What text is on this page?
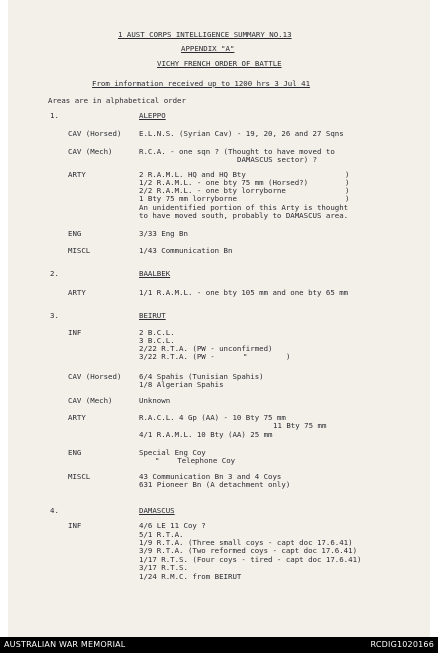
1 AUST CORPS INTELLIGENCE SUMMARY NO.13
APPENDIX "A"
VICHY FRENCH ORDER OF BATTLE
From information received up to 1200 hrs 3 Jul 41
Areas are in alphabetical order
1.	ALEPPO
CAV (Horsed) E.L.N.S. (Syrian Cav) - 19, 20, 26 and 27 Sqns
CAV (Mech)	R.C.A. - one sqn ? (Thought to have moved to
DAMASCUS sector) ?
ARTY	2 R.A.M.L. HQ and HQ Bty
1/2 R.A.M.L. - one bty 75 mm (Horsed?)
2/2 R.A.M.L. - one bty lorryborne
1 Bty 75 mm lorryborne
An unidentified portion of this Arty is thought
to have moved south, probably to DAMASCUS area.
)
)
)
)
ENG	3/33 Eng Bn
MISCL	1/43 Communication Bn
2.	BAALBEK
ARTY	1/1 R.A.M.L. - one bty 105 mm and one bty 65 mm
3.	BEIRUT
INF	2 B.C.L.
3 B.C.L.
2/22 R.T.A. (PW - unconfirmed)
3/22 R.T.A. (PW -	"	)
CAV (Horsed) 6/4 Spahis (Tunisian Spahis)
1/8 Algerian Spahis
CAV (Mech)	Unknown
ARTY	R.A.C.L. 4 Gp (AA) - 10 Bty 75 mm
11 Bty 75 mm
4/1 R.A.M.L. 10 Bty (AA) 25 mm
ENG	Special Eng Coy
"    Telephone Coy
MISCL	43 Communication Bn 3 and 4 Coys
631 Pioneer Bn (A detachment only)
4.	DAMASCUS
INF	4/6 LE 11 Coy ?
5/1 R.T.A.
1/9 R.T.A. (Three small coys - capt doc 17.6.41)
3/9 R.T.A. (Two reformed coys - capt doc 17.6.41)
1/17 R.T.S. (Four coys - tired - capt doc 17.6.41)
3/17 R.T.S.
1/24 R.M.C. from BEIRUT
AUSTRALIAN WAR MEMORIAL	RCDIG1020166
